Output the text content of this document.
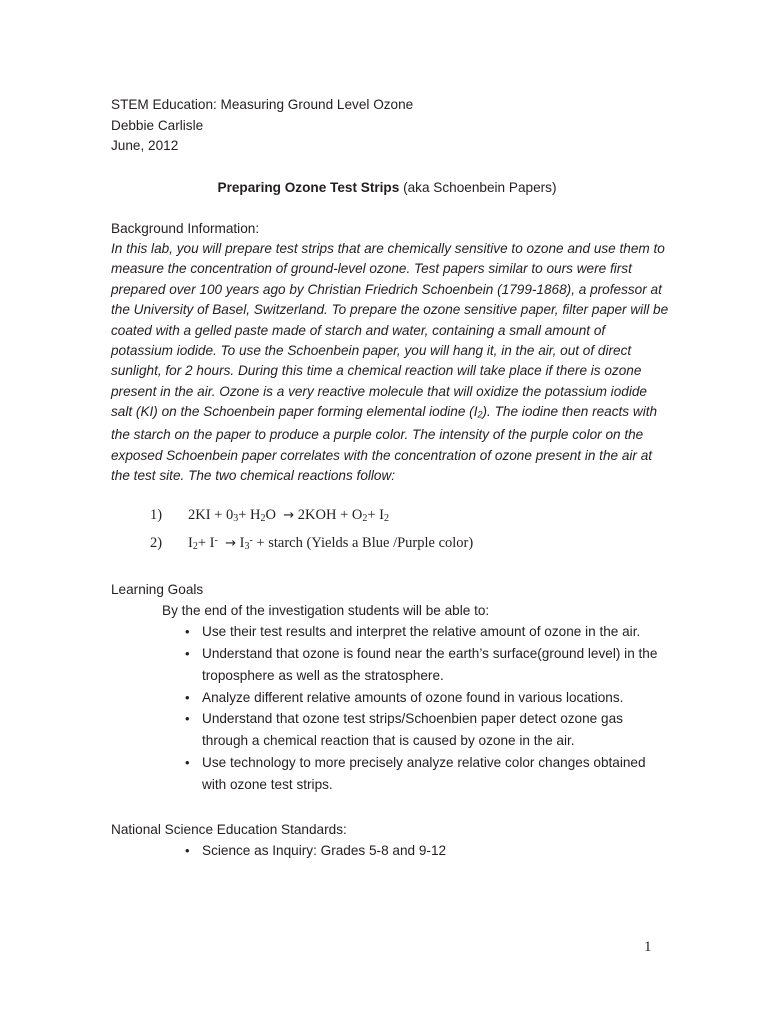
STEM Education: Measuring Ground Level Ozone
Debbie Carlisle
June, 2012
Preparing Ozone Test Strips (aka Schoenbein Papers)
Background Information:
In this lab, you will prepare test strips that are chemically sensitive to ozone and use them to measure the concentration of ground-level ozone. Test papers similar to ours were first prepared over 100 years ago by Christian Friedrich Schoenbein (1799-1868), a professor at the University of Basel, Switzerland. To prepare the ozone sensitive paper, filter paper will be coated with a gelled paste made of starch and water, containing a small amount of potassium iodide. To use the Schoenbein paper, you will hang it, in the air, out of direct sunlight, for 2 hours. During this time a chemical reaction will take place if there is ozone present in the air. Ozone is a very reactive molecule that will oxidize the potassium iodide salt (KI) on the Schoenbein paper forming elemental iodine $(I_2)$. The iodine then reacts with the starch on the paper to produce a purple color. The intensity of the purple color on the exposed Schoenbein paper correlates with the concentration of ozone present in the air at the test site. The two chemical reactions follow:
1)	$2KI + 0_3+ H_2O \to 2KOH + O_2+ I_2$
2)	$I_2+ I^- \to I_3^-$ + starch (Yields a Blue /Purple color)
Learning Goals
By the end of the investigation students will be able to:
• Use their test results and interpret the relative amount of ozone in the air.
• Understand that ozone is found near the earth’s surface(ground level) in the troposphere as well as the stratosphere.
• Analyze different relative amounts of ozone found in various locations.
• Understand that ozone test strips/Schoenbien paper detect ozone gas through a chemical reaction that is caused by ozone in the air.
• Use technology to more precisely analyze relative color changes obtained with ozone test strips.
National Science Education Standards:
• Science as Inquiry: Grades 5-8 and 9-12
1
